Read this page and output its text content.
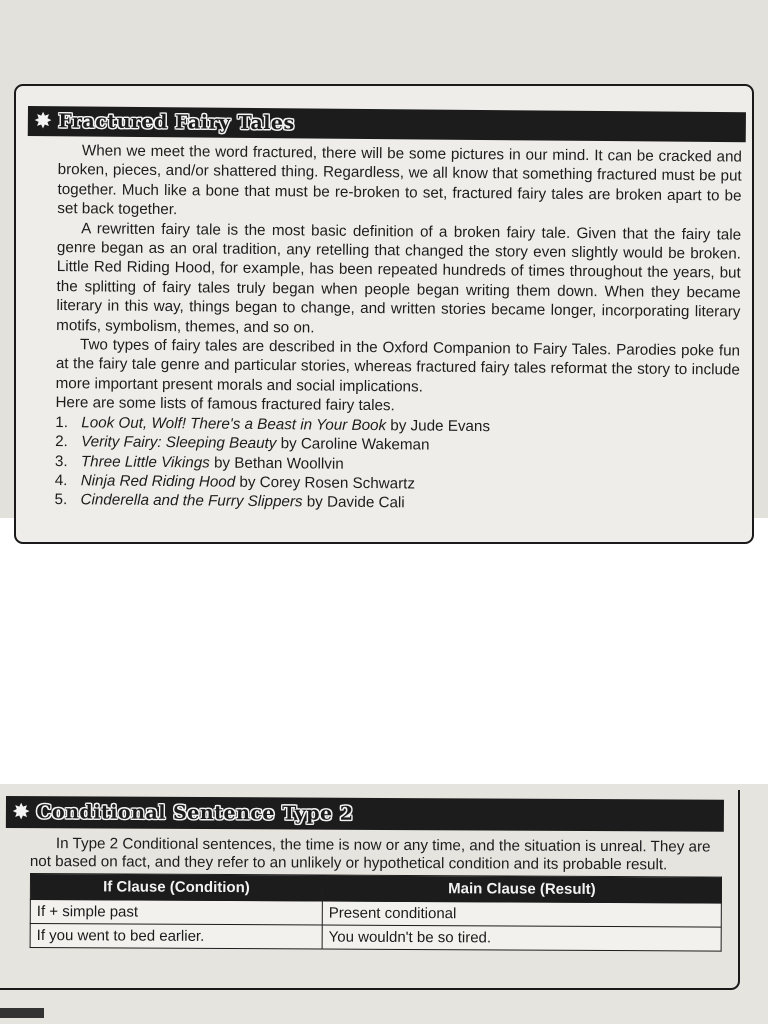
✸ Fractured Fairy Tales

When we meet the word fractured, there will be some pictures in our mind. It can be cracked and broken, pieces, and/or shattered thing. Regardless, we all know that something fractured must be put together. Much like a bone that must be re-broken to set, fractured fairy tales are broken apart to be set back together.

A rewritten fairy tale is the most basic definition of a broken fairy tale. Given that the fairy tale genre began as an oral tradition, any retelling that changed the story even slightly would be broken. Little Red Riding Hood, for example, has been repeated hundreds of times throughout the years, but the splitting of fairy tales truly began when people began writing them down. When they became literary in this way, things began to change, and written stories became longer, incorporating literary motifs, symbolism, themes, and so on.

Two types of fairy tales are described in the Oxford Companion to Fairy Tales. Parodies poke fun at the fairy tale genre and particular stories, whereas fractured fairy tales reformat the story to include more important present morals and social implications.

Here are some lists of famous fractured fairy tales.

1. Look Out, Wolf! There's a Beast in Your Book by Jude Evans
2. Verity Fairy: Sleeping Beauty by Caroline Wakeman
3. Three Little Vikings by Bethan Woollvin
4. Ninja Red Riding Hood by Corey Rosen Schwartz
5. Cinderella and the Furry Slippers by Davide Cali
✸ Conditional Sentence Type 2

In Type 2 Conditional sentences, the time is now or any time, and the situation is unreal. They are not based on fact, and they refer to an unlikely or hypothetical condition and its probable result.

If Clause (Condition)	Main Clause (Result)
If + simple past	Present conditional
If you went to bed earlier.	You wouldn't be so tired.
